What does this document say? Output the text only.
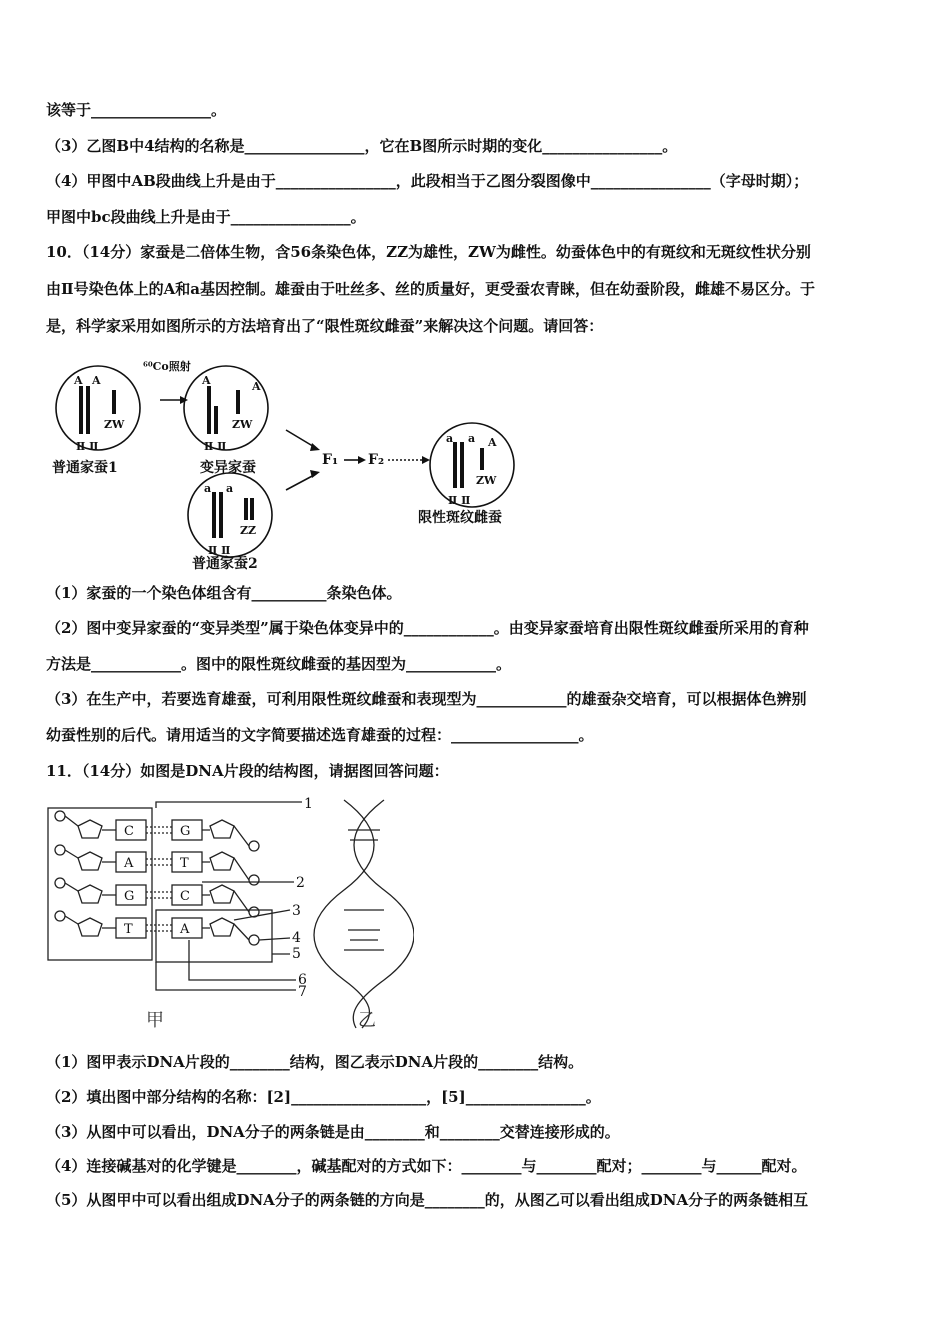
该等于________________。
（3）乙图B中4结构的名称是________________，它在B图所示时期的变化________________。
（4）甲图中AB段曲线上升是由于________________，此段相当于乙图分裂图像中________________（字母时期）；
甲图中bc段曲线上升是由于________________。
10．（14分）家蚕是二倍体生物，含56条染色体，ZZ为雄性，ZW为雌性。幼蚕体色中的有斑纹和无斑纹性状分别
由Ⅱ号染色体上的A和a基因控制。雄蚕由于吐丝多、丝的质量好，更受蚕农青睐，但在幼蚕阶段，雌雄不易区分。于
是，科学家采用如图所示的方法培育出了“限性斑纹雌蚕”来解决这个问题。请回答：
⁶⁰Co照射
A A
Ⅱ Ⅱ
ZW
A	A
Ⅱ Ⅱ
ZW
a a
Ⅱ Ⅱ
ZZ
a a A
Ⅱ Ⅱ
ZW
普通家蚕1	变异家蚕
普通家蚕2
限性斑纹雌蚕
F₁ F₂
（1）家蚕的一个染色体组含有__________条染色体。
（2）图中变异家蚕的“变异类型”属于染色体变异中的____________。由变异家蚕培育出限性斑纹雌蚕所采用的育种
方法是____________。图中的限性斑纹雌蚕的基因型为____________。
（3）在生产中，若要选育雄蚕，可利用限性斑纹雌蚕和表现型为____________的雄蚕杂交培育，可以根据体色辨别
幼蚕性别的后代。请用适当的文字简要描述选育雄蚕的过程：_________________。
11．（14分）如图是DNA片段的结构图，请据图回答问题：
C
A
G
T
G
T
C
A
1
2
3
4
5
6
7
甲	乙
（1）图甲表示DNA片段的________结构，图乙表示DNA片段的________结构。
（2）填出图中部分结构的名称：[2]__________________，[5]________________。
（3）从图中可以看出，DNA分子的两条链是由________和________交替连接形成的。
（4）连接碱基对的化学键是________，碱基配对的方式如下：________与________配对；________与______配对。
（5）从图甲中可以看出组成DNA分子的两条链的方向是________的，从图乙可以看出组成DNA分子的两条链相互
